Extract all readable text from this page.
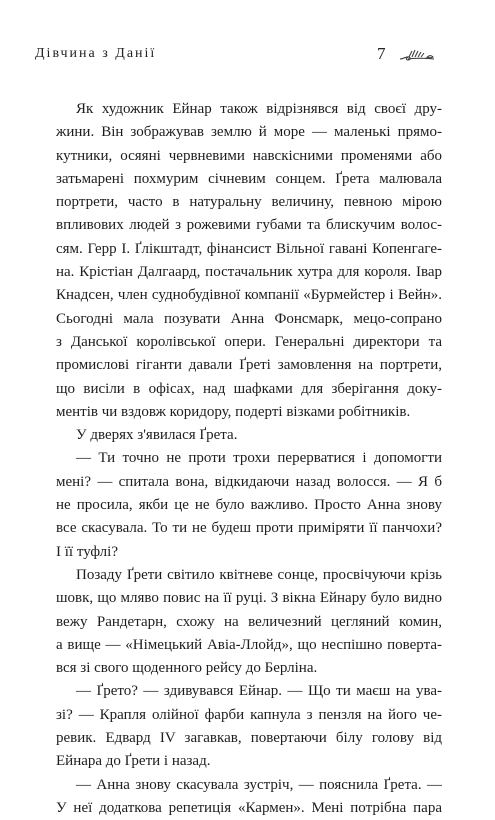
Дівчина з Данії	7
Як художник Ейнар також відрізнявся від своєї дру-
жини. Він зображував землю й море — маленькі прямо-
кутники, осяяні червневими навскісними променями або
затьмарені похмурим січневим сонцем. Ґрета малювала
портрети, часто в натуральну величину, певною мірою
впливових людей з рожевими губами та блискучим волос-
сям. Герр І. Ґлікштадт, фінансист Вільної гавані Копенгаге-
на. Крістіан Далгаард, постачальник хутра для короля. Івар
Кнадсен, член суднобудівної компанії «Бурмейстер і Вейн».
Сьогодні мала позувати Анна Фонсмарк, мецо-сопрано
з Данської королівської опери. Генеральні директори та
промислові гіганти давали Ґреті замовлення на портрети,
що висіли в офісах, над шафками для зберігання доку-
ментів чи вздовж коридору, подерті візками робітників.
У дверях з'явилася Ґрета.
— Ти точно не проти трохи перерватися і допомогти
мені? — спитала вона, відкидаючи назад волосся. — Я б
не просила, якби це не було важливо. Просто Анна знову
все скасувала. То ти не будеш проти приміряти її панчохи?
І її туфлі?
Позаду Ґрети світило квітневе сонце, просвічуючи крізь
шовк, що мляво повис на її руці. З вікна Ейнару було видно
вежу Рандетарн, схожу на величезний цегляний комин,
а вище — «Німецький Авіа-Ллойд», що неспішно поверта-
вся зі свого щоденного рейсу до Берліна.
— Ґрето? — здивувався Ейнар. — Що ти маєш на ува-
зі? — Крапля олійної фарби капнула з пензля на його че-
ревик. Едвард IV загавкав, повертаючи білу голову від
Ейнара до Ґрети і назад.
— Анна знову скасувала зустріч, — пояснила Ґрета. —
У неї додаткова репетиція «Кармен». Мені потрібна пара
